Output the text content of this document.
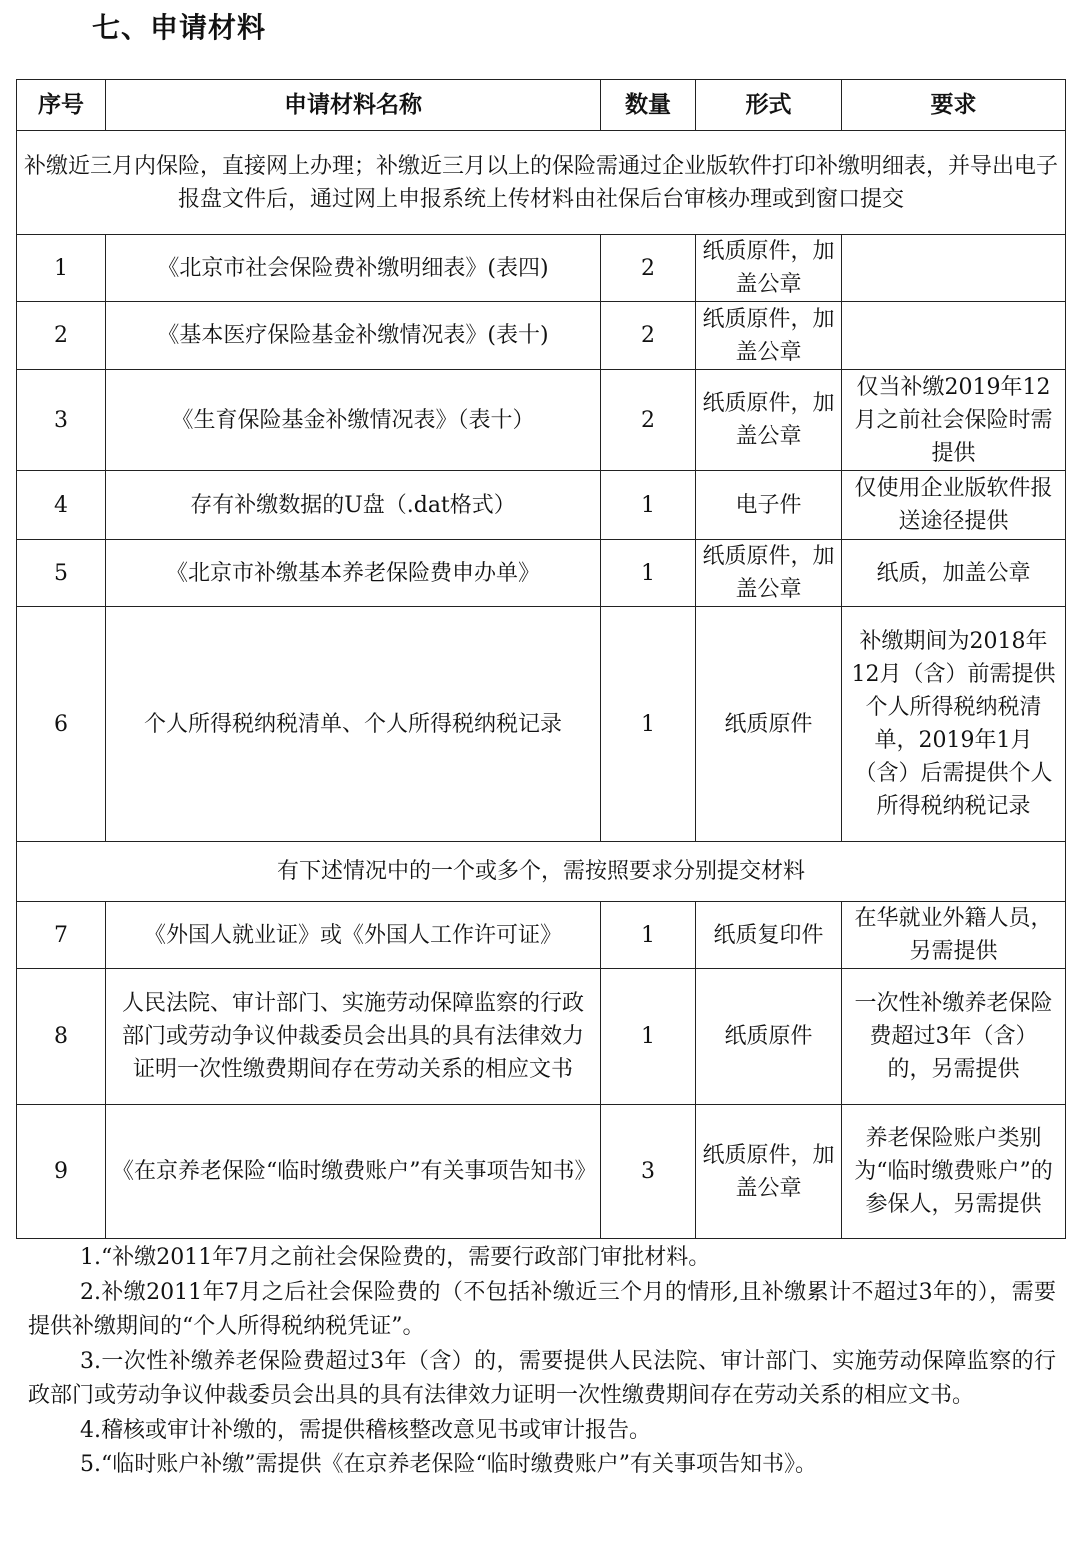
七、申请材料
序号	申请材料名称	数量	形式	要求
补缴近三月内保险，直接网上办理；补缴近三月以上的保险需通过企业版软件打印补缴明细表，并导出电子报盘文件后，通过网上申报系统上传材料由社保后台审核办理或到窗口提交				
1	《北京市社会保险费补缴明细表》(表四)	2	纸质原件，加盖公章	
2	《基本医疗保险基金补缴情况表》(表十)	2	纸质原件，加盖公章	
3	《生育保险基金补缴情况表》（表十）	2	纸质原件，加盖公章	仅当补缴2019年12月之前社会保险时需提供
4	存有补缴数据的U盘（.dat格式）	1	电子件	仅使用企业版软件报送途径提供
5	《北京市补缴基本养老保险费申办单》	1	纸质原件，加盖公章	纸质，加盖公章
6	个人所得税纳税清单、个人所得税纳税记录	1	纸质原件	补缴期间为2018年12月（含）前需提供个人所得税纳税清单，2019年1月（含）后需提供个人所得税纳税记录
有下述情况中的一个或多个，需按照要求分别提交材料				
7	《外国人就业证》或《外国人工作许可证》	1	纸质复印件	在华就业外籍人员，另需提供
8	人民法院、审计部门、实施劳动保障监察的行政部门或劳动争议仲裁委员会出具的具有法律效力证明一次性缴费期间存在劳动关系的相应文书	1	纸质原件	一次性补缴养老保险费超过3年（含）的，另需提供
9	《在京养老保险“临时缴费账户”有关事项告知书》	3	纸质原件，加盖公章	养老保险账户类别为“临时缴费账户”的参保人，另需提供

1.“补缴2011年7月之前社会保险费的，需要行政部门审批材料。

2.补缴2011年7月之后社会保险费的（不包括补缴近三个月的情形,且补缴累计不超过3年的），需要提供补缴期间的“个人所得税纳税凭证”。

3.一次性补缴养老保险费超过3年（含）的，需要提供人民法院、审计部门、实施劳动保障监察的行政部门或劳动争议仲裁委员会出具的具有法律效力证明一次性缴费期间存在劳动关系的相应文书。

4.稽核或审计补缴的，需提供稽核整改意见书或审计报告。

5.“临时账户补缴”需提供《在京养老保险“临时缴费账户”有关事项告知书》。
